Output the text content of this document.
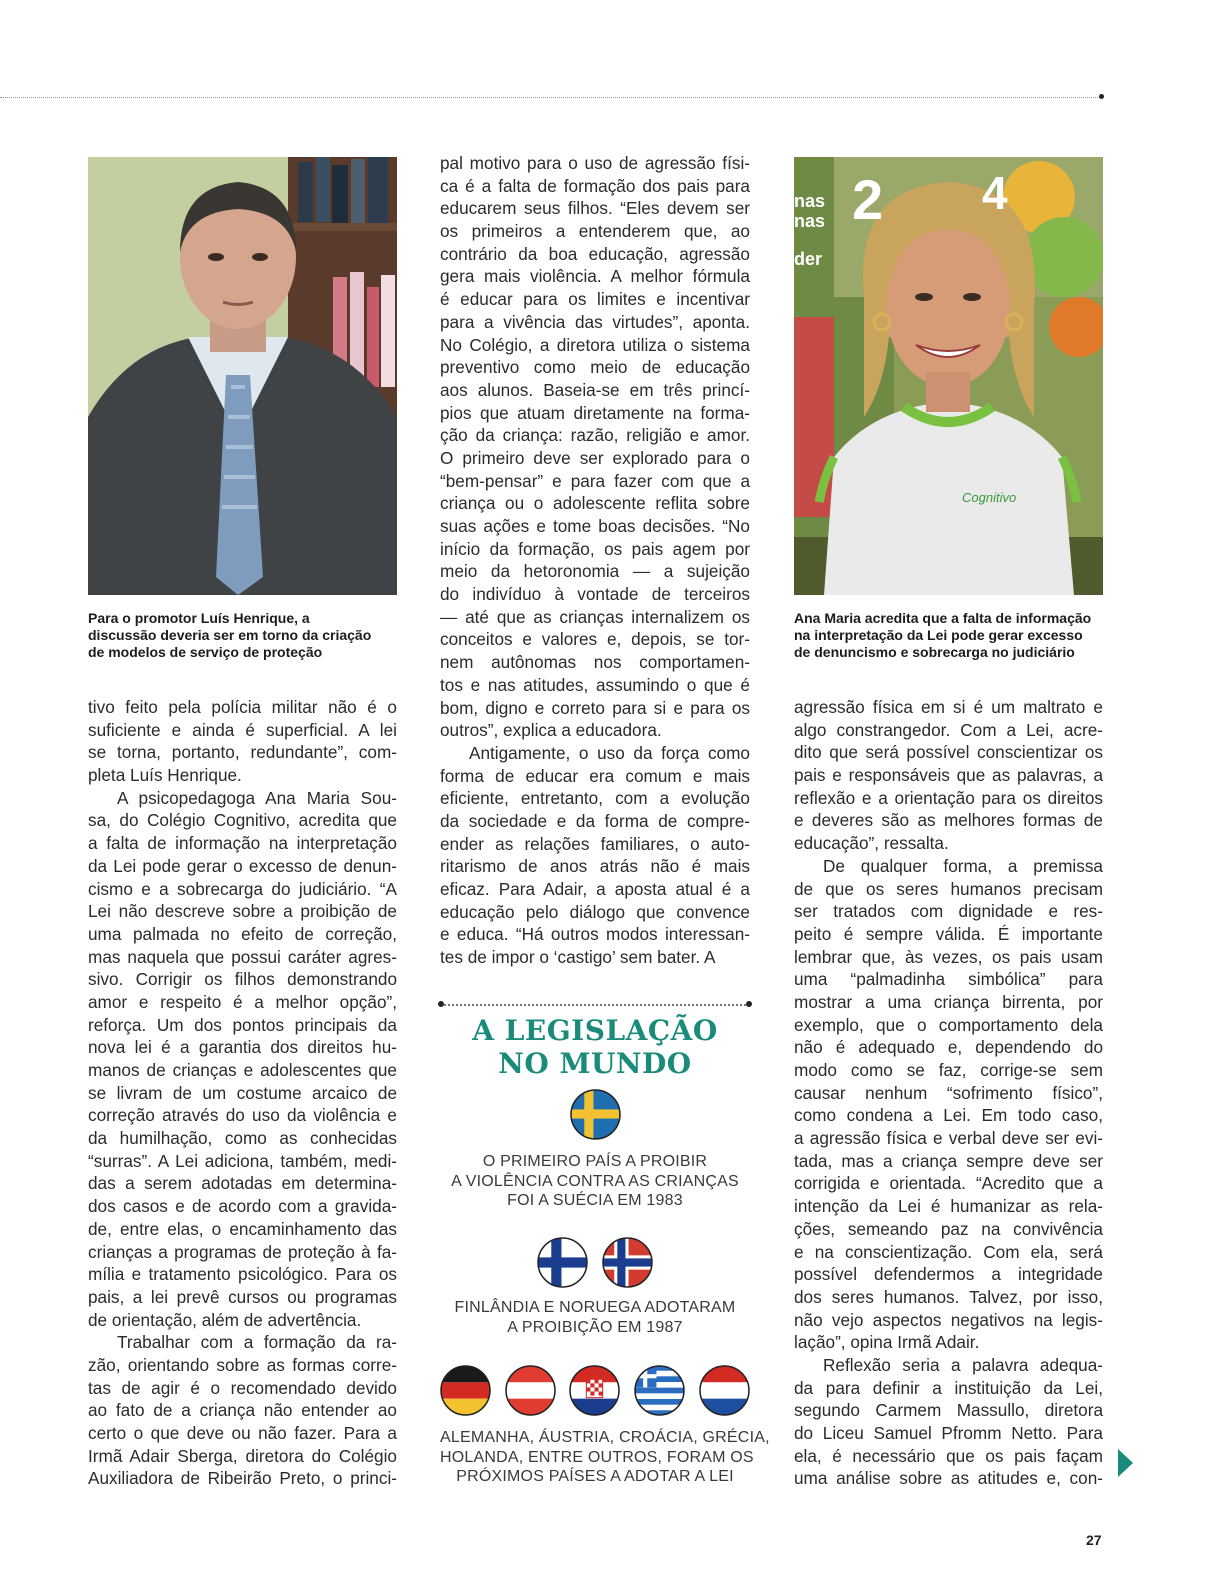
Para o promotor Luís Henrique, a
discussão deveria ser em torno da criação
de modelos de serviço de proteção
nas
nas
der
2 4
Cognitivo
Ana Maria acredita que a falta de informação
na interpretação da Lei pode gerar excesso
de denuncismo e sobrecarga no judiciário
tivo feito pela polícia militar não é o
suficiente e ainda é superficial. A lei
se torna, portanto, redundante”, com-
pleta Luís Henrique.
A psicopedagoga Ana Maria Sou-
sa, do Colégio Cognitivo, acredita que
a falta de informação na interpretação
da Lei pode gerar o excesso de denun-
cismo e a sobrecarga do judiciário. “A
Lei não descreve sobre a proibição de
uma palmada no efeito de correção,
mas naquela que possui caráter agres-
sivo. Corrigir os filhos demonstrando
amor e respeito é a melhor opção”,
reforça. Um dos pontos principais da
nova lei é a garantia dos direitos hu-
manos de crianças e adolescentes que
se livram de um costume arcaico de
correção através do uso da violência e
da humilhação, como as conhecidas
“surras”. A Lei adiciona, também, medi-
das a serem adotadas em determina-
dos casos e de acordo com a gravida-
de, entre elas, o encaminhamento das
crianças a programas de proteção à fa-
mília e tratamento psicológico. Para os
pais, a lei prevê cursos ou programas
de orientação, além de advertência.
Trabalhar com a formação da ra-
zão, orientando sobre as formas corre-
tas de agir é o recomendado devido
ao fato de a criança não entender ao
certo o que deve ou não fazer. Para a
Irmã Adair Sberga, diretora do Colégio
Auxiliadora de Ribeirão Preto, o princi-
pal motivo para o uso de agressão físi-
ca é a falta de formação dos pais para
educarem seus filhos. “Eles devem ser
os primeiros a entenderem que, ao
contrário da boa educação, agressão
gera mais violência. A melhor fórmula
é educar para os limites e incentivar
para a vivência das virtudes”, aponta.
No Colégio, a diretora utiliza o sistema
preventivo como meio de educação
aos alunos. Baseia-se em três princí-
pios que atuam diretamente na forma-
ção da criança: razão, religião e amor.
O primeiro deve ser explorado para o
“bem-pensar” e para fazer com que a
criança ou o adolescente reflita sobre
suas ações e tome boas decisões. “No
início da formação, os pais agem por
meio da hetoronomia — a sujeição
do indivíduo à vontade de terceiros
— até que as crianças internalizem os
conceitos e valores e, depois, se tor-
nem autônomas nos comportamen-
tos e nas atitudes, assumindo o que é
bom, digno e correto para si e para os
outros”, explica a educadora.
Antigamente, o uso da força como
forma de educar era comum e mais
eficiente, entretanto, com a evolução
da sociedade e da forma de compre-
ender as relações familiares, o auto-
ritarismo de anos atrás não é mais
eficaz. Para Adair, a aposta atual é a
educação pelo diálogo que convence
e educa. “Há outros modos interessan-
tes de impor o ‘castigo’ sem bater. A
agressão física em si é um maltrato e
algo constrangedor. Com a Lei, acre-
dito que será possível conscientizar os
pais e responsáveis que as palavras, a
reflexão e a orientação para os direitos
e deveres são as melhores formas de
educação”, ressalta.
De qualquer forma, a premissa
de que os seres humanos precisam
ser tratados com dignidade e res-
peito é sempre válida. É importante
lembrar que, às vezes, os pais usam
uma “palmadinha simbólica” para
mostrar a uma criança birrenta, por
exemplo, que o comportamento dela
não é adequado e, dependendo do
modo como se faz, corrige-se sem
causar nenhum “sofrimento físico”,
como condena a Lei. Em todo caso,
a agressão física e verbal deve ser evi-
tada, mas a criança sempre deve ser
corrigida e orientada. “Acredito que a
intenção da Lei é humanizar as rela-
ções, semeando paz na convivência
e na conscientização. Com ela, será
possível defendermos a integridade
dos seres humanos. Talvez, por isso,
não vejo aspectos negativos na legis-
lação”, opina Irmã Adair.
Reflexão seria a palavra adequa-
da para definir a instituição da Lei,
segundo Carmem Massullo, diretora
do Liceu Samuel Pfromm Netto. Para
ela, é necessário que os pais façam
uma análise sobre as atitudes e, con-
A LEGISLAÇÃO
NO MUNDO
O PRIMEIRO PAÍS A PROIBIR
A VIOLÊNCIA CONTRA AS CRIANÇAS
FOI A SUÉCIA EM 1983
FINLÂNDIA E NORUEGA ADOTARAM
A PROIBIÇÃO EM 1987
ALEMANHA, ÁUSTRIA, CROÁCIA, GRÉCIA,
HOLANDA, ENTRE OUTROS, FORAM OS
PRÓXIMOS PAÍSES A ADOTAR A LEI
27
